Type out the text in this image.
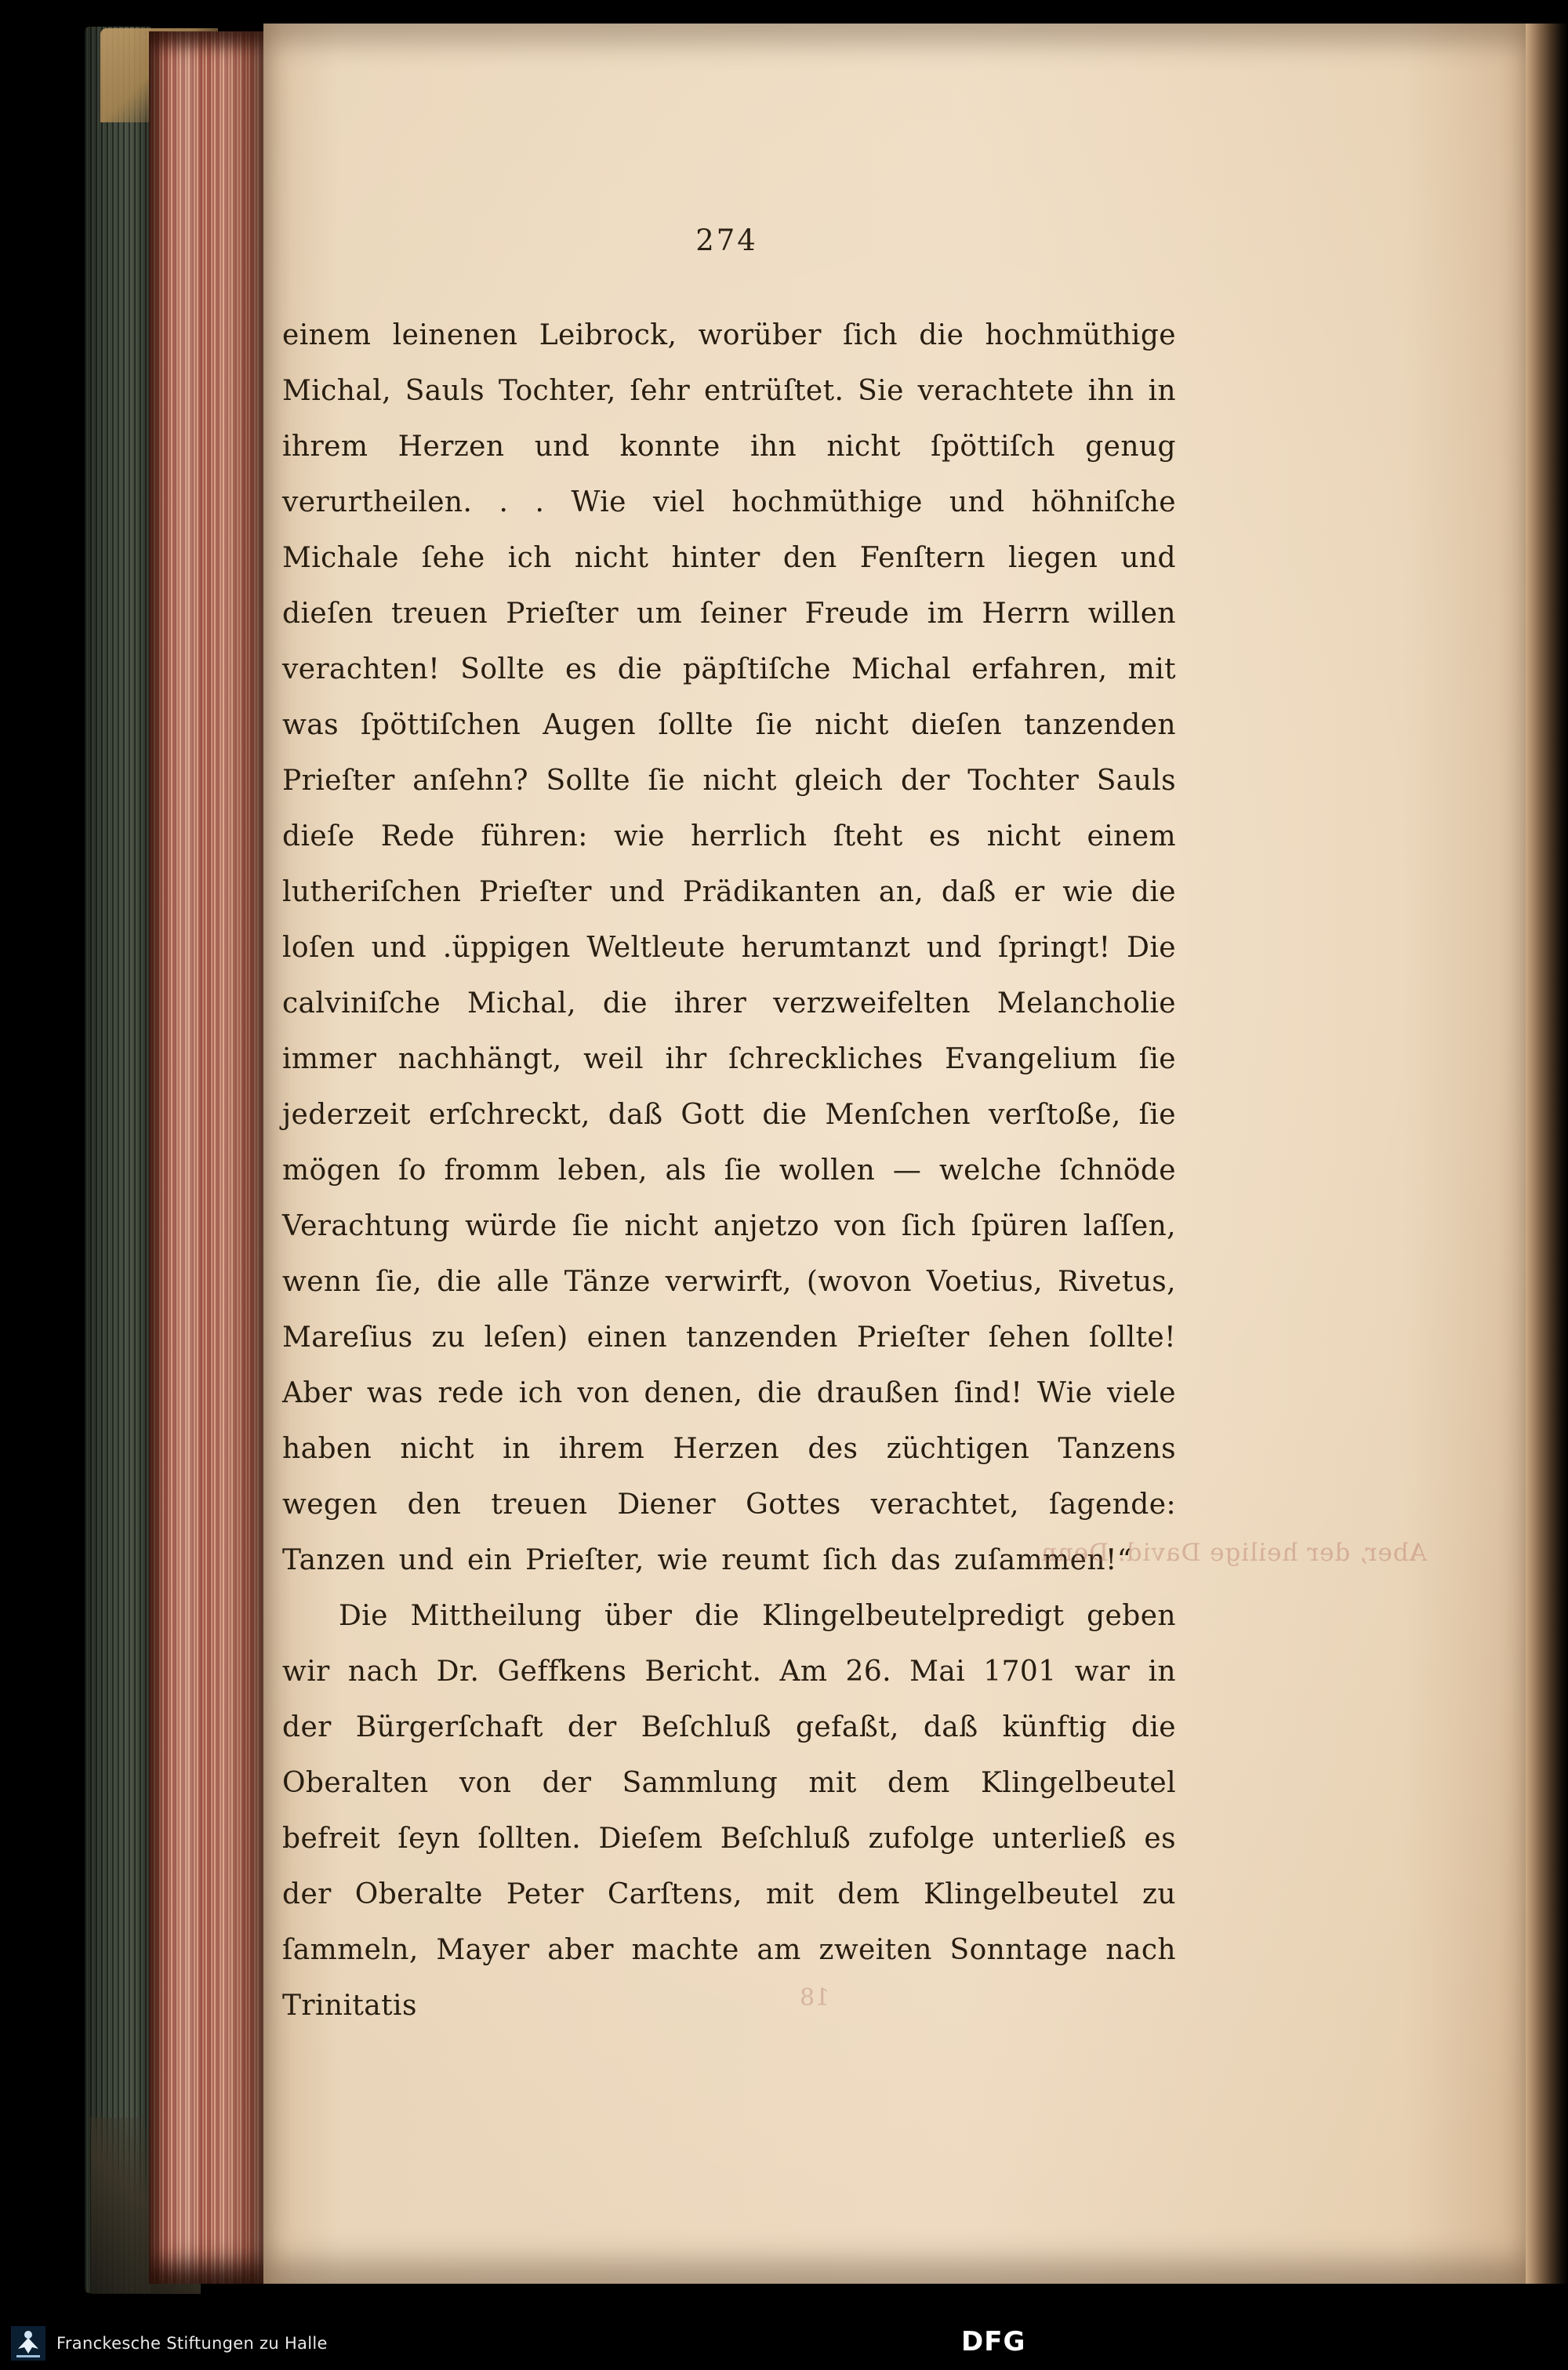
274

einem leinenen Leibrock, worüber ſich die hochmüthige Michal, Sauls Tochter, ſehr entrüſtet. Sie verachtete ihn in ihrem Herzen und konnte ihn nicht ſpöttiſch genug verurtheilen. . . Wie viel hochmüthige und höhniſche Michale ſehe ich nicht hinter den Fenſtern liegen und dieſen treuen Prieſter um ſeiner Freude im Herrn willen verachten! Sollte es die päpſtiſche Michal erfahren, mit was ſpöttiſchen Augen ſollte ſie nicht dieſen tanzenden Prieſter anſehn? Sollte ſie nicht gleich der Tochter Sauls dieſe Rede führen: wie herrlich ſteht es nicht einem lutheriſchen Prieſter und Prädikanten an, daß er wie die loſen und .üppigen Weltleute herumtanzt und ſpringt! Die calviniſche Michal, die ihrer verzweifelten Melancholie immer nachhängt, weil ihr ſchreckliches Evangelium ſie jederzeit erſchreckt, daß Gott die Menſchen verſtoße, ſie mögen ſo fromm leben, als ſie wollen — welche ſchnöde Verachtung würde ſie nicht anjetzo von ſich ſpüren laſſen, wenn ſie, die alle Tänze verwirft, (wovon Voetius, Rivetus, Mareſius zu leſen) einen tanzenden Prieſter ſehen ſollte! Aber was rede ich von denen, die draußen ſind! Wie viele haben nicht in ihrem Herzen des züchtigen Tanzens wegen den treuen Diener Gottes verachtet, ſagende: Tanzen und ein Prieſter, wie reumt ſich das zuſammen!“

Die Mittheilung über die Klingelbeutelpredigt geben wir nach Dr. Geffkens Bericht. Am 26. Mai 1701 war in der Bürgerſchaft der Beſchluß gefaßt, daß künftig die Oberalten von der Sammlung mit dem Klingelbeutel befreit ſeyn ſollten. Dieſem Beſchluß zufolge unterließ es der Oberalte Peter Carſtens, mit dem Klingelbeutel zu ſammeln, Mayer aber machte am zweiten Sonntage nach Trinitatis

Aber, der heilige David. Denn
18
Franckesche Stiftungen zu Halle	DFG
